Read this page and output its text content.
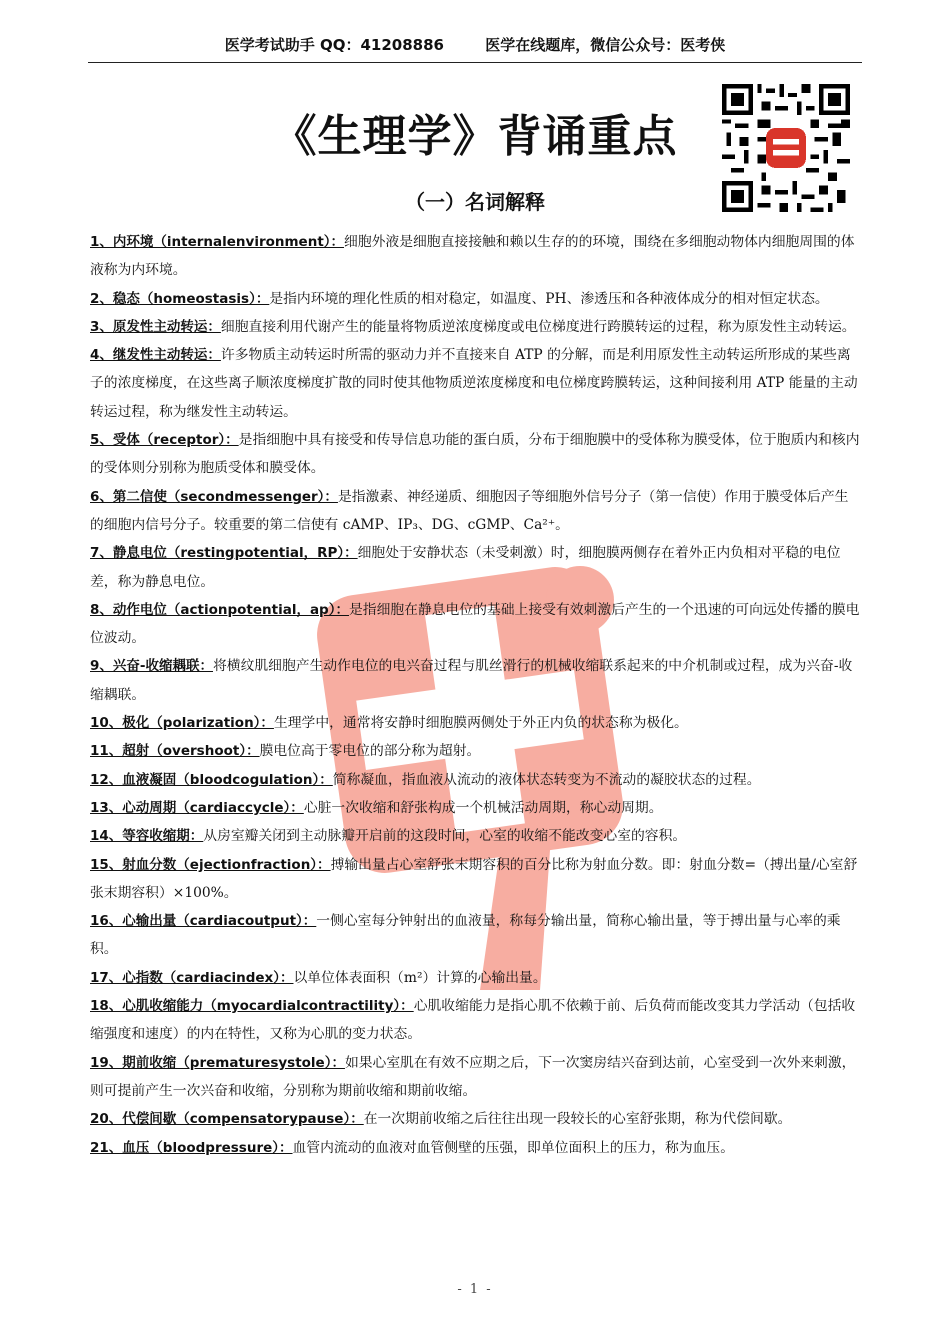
医学考试助手 QQ：41208886	医学在线题库，微信公众号：医考侠
《生理学》背诵重点
（一）名词解释
1、内环境（internalenvironment）：细胞外液是细胞直接接触和赖以生存的的环境，围绕在多细胞动物体内细胞周围的体液称为内环境。
2、稳态（homeostasis）：是指内环境的理化性质的相对稳定，如温度、PH、渗透压和各种液体成分的相对恒定状态。
3、原发性主动转运：细胞直接利用代谢产生的能量将物质逆浓度梯度或电位梯度进行跨膜转运的过程，称为原发性主动转运。
4、继发性主动转运：许多物质主动转运时所需的驱动力并不直接来自 ATP 的分解，而是利用原发性主动转运所形成的某些离子的浓度梯度，在这些离子顺浓度梯度扩散的同时使其他物质逆浓度梯度和电位梯度跨膜转运，这种间接利用 ATP 能量的主动转运过程，称为继发性主动转运。
5、受体（receptor）：是指细胞中具有接受和传导信息功能的蛋白质，分布于细胞膜中的受体称为膜受体，位于胞质内和核内的受体则分别称为胞质受体和膜受体。
6、第二信使（secondmessenger）：是指激素、神经递质、细胞因子等细胞外信号分子（第一信使）作用于膜受体后产生的细胞内信号分子。较重要的第二信使有 cAMP、IP₃、DG、cGMP、Ca²⁺。
7、静息电位（restingpotential，RP）：细胞处于安静状态（未受刺激）时，细胞膜两侧存在着外正内负相对平稳的电位差，称为静息电位。
8、动作电位（actionpotential，ap）：是指细胞在静息电位的基础上接受有效刺激后产生的一个迅速的可向远处传播的膜电位波动。
9、兴奋-收缩耦联：将横纹肌细胞产生动作电位的电兴奋过程与肌丝滑行的机械收缩联系起来的中介机制或过程，成为兴奋-收缩耦联。
10、极化（polarization）：生理学中，通常将安静时细胞膜两侧处于外正内负的状态称为极化。
11、超射（overshoot）：膜电位高于零电位的部分称为超射。
12、血液凝固（bloodcogulation）：简称凝血，指血液从流动的液体状态转变为不流动的凝胶状态的过程。
13、心动周期（cardiaccycle）：心脏一次收缩和舒张构成一个机械活动周期，称心动周期。
14、等容收缩期：从房室瓣关闭到主动脉瓣开启前的这段时间，心室的收缩不能改变心室的容积。
15、射血分数（ejectionfraction）：搏输出量占心室舒张末期容积的百分比称为射血分数。即：射血分数=（搏出量/心室舒张末期容积）×100%。
16、心输出量（cardiacoutput）：一侧心室每分钟射出的血液量，称每分输出量，简称心输出量，等于搏出量与心率的乘积。
17、心指数（cardiacindex）：以单位体表面积（m²）计算的心输出量。
18、心肌收缩能力（myocardialcontractility）：心肌收缩能力是指心肌不依赖于前、后负荷而能改变其力学活动（包括收缩强度和速度）的内在特性，又称为心肌的变力状态。
19、期前收缩（prematuresystole）：如果心室肌在有效不应期之后，下一次窦房结兴奋到达前，心室受到一次外来刺激，则可提前产生一次兴奋和收缩，分别称为期前收缩和期前收缩。
20、代偿间歇（compensatorypause）：在一次期前收缩之后往往出现一段较长的心室舒张期，称为代偿间歇。
21、血压（bloodpressure）：血管内流动的血液对血管侧壁的压强，即单位面积上的压力，称为血压。
- 1 -
